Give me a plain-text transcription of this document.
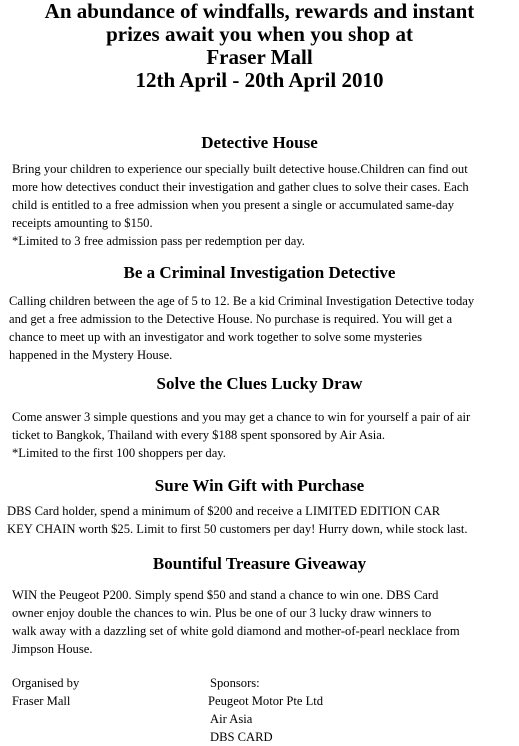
An abundance of windfalls, rewards and instant
prizes await you when you shop at
Fraser Mall
12th April - 20th April 2010
Detective House
Bring your children to experience our specially built detective house.Children can find out
more how detectives conduct their investigation and gather clues to solve their cases. Each
child is entitled to a free admission when you present a single or accumulated same-day
receipts amounting to $150.
*Limited to 3 free admission pass per redemption per day.
Be a Criminal Investigation Detective
Calling children between the age of 5 to 12. Be a kid Criminal Investigation Detective today
and get a free admission to the Detective House. No purchase is required. You will get a
chance to meet up with an investigator and work together to solve some mysteries
happened in the Mystery House.
Solve the Clues Lucky Draw
Come answer 3 simple questions and you may get a chance to win for yourself a pair of air
ticket to Bangkok, Thailand with every $188 spent sponsored by Air Asia.
*Limited to the first 100 shoppers per day.
Sure Win Gift with Purchase
DBS Card holder, spend a minimum of $200 and receive a LIMITED EDITION CAR
KEY CHAIN worth $25. Limit to first 50 customers per day! Hurry down, while stock last.
Bountiful Treasure Giveaway
WIN the Peugeot P200. Simply spend $50 and stand a chance to win one. DBS Card
owner enjoy double the chances to win. Plus be one of our 3 lucky draw winners to
walk away with a dazzling set of white gold diamond and mother-of-pearl necklace from
Jimpson House.
Organised by
Fraser Mall
Sponsors:
Peugeot Motor Pte Ltd
Air Asia
DBS CARD
